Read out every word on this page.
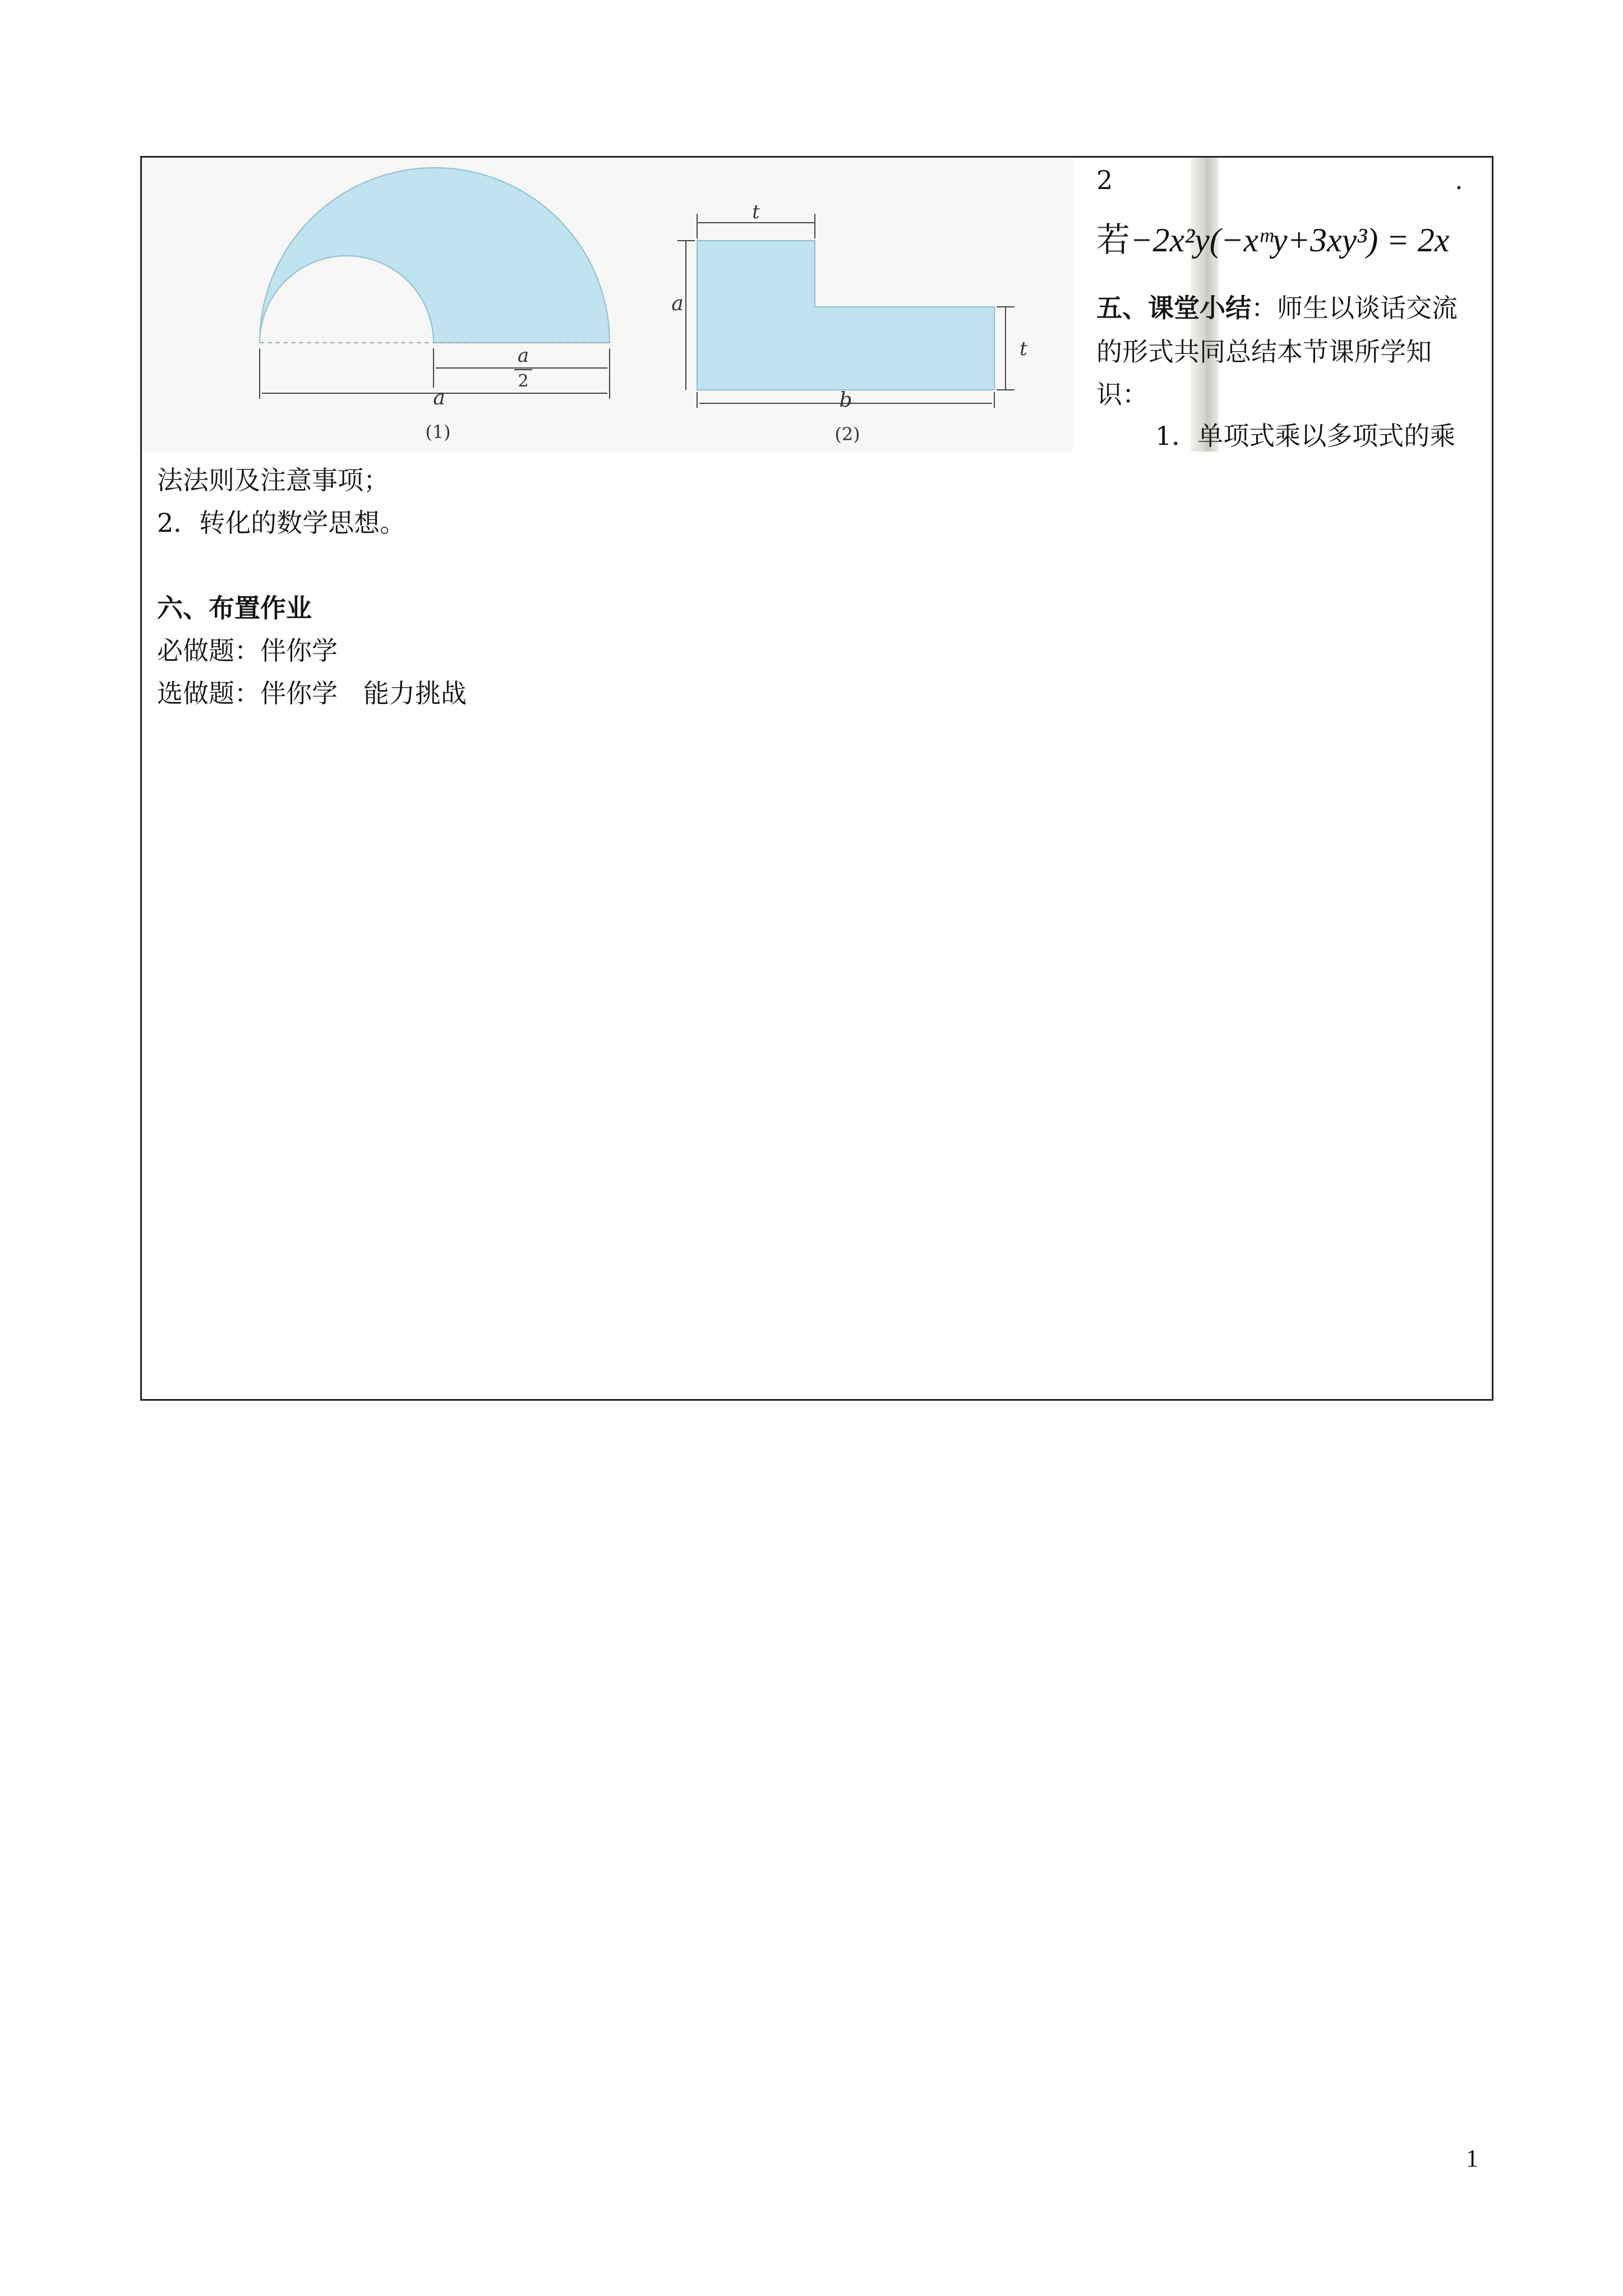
a
2
a
(1)
t
a
t
b
(2)
2	.
若−2x²y(−xᵐy+3xy³) = 2x
五、课堂小结：师生以谈话交流
的形式共同总结本节课所学知
识：
1．单项式乘以多项式的乘
法法则及注意事项；
2．转化的数学思想。
六、布置作业
必做题：伴你学
选做题：伴你学　能力挑战
1
